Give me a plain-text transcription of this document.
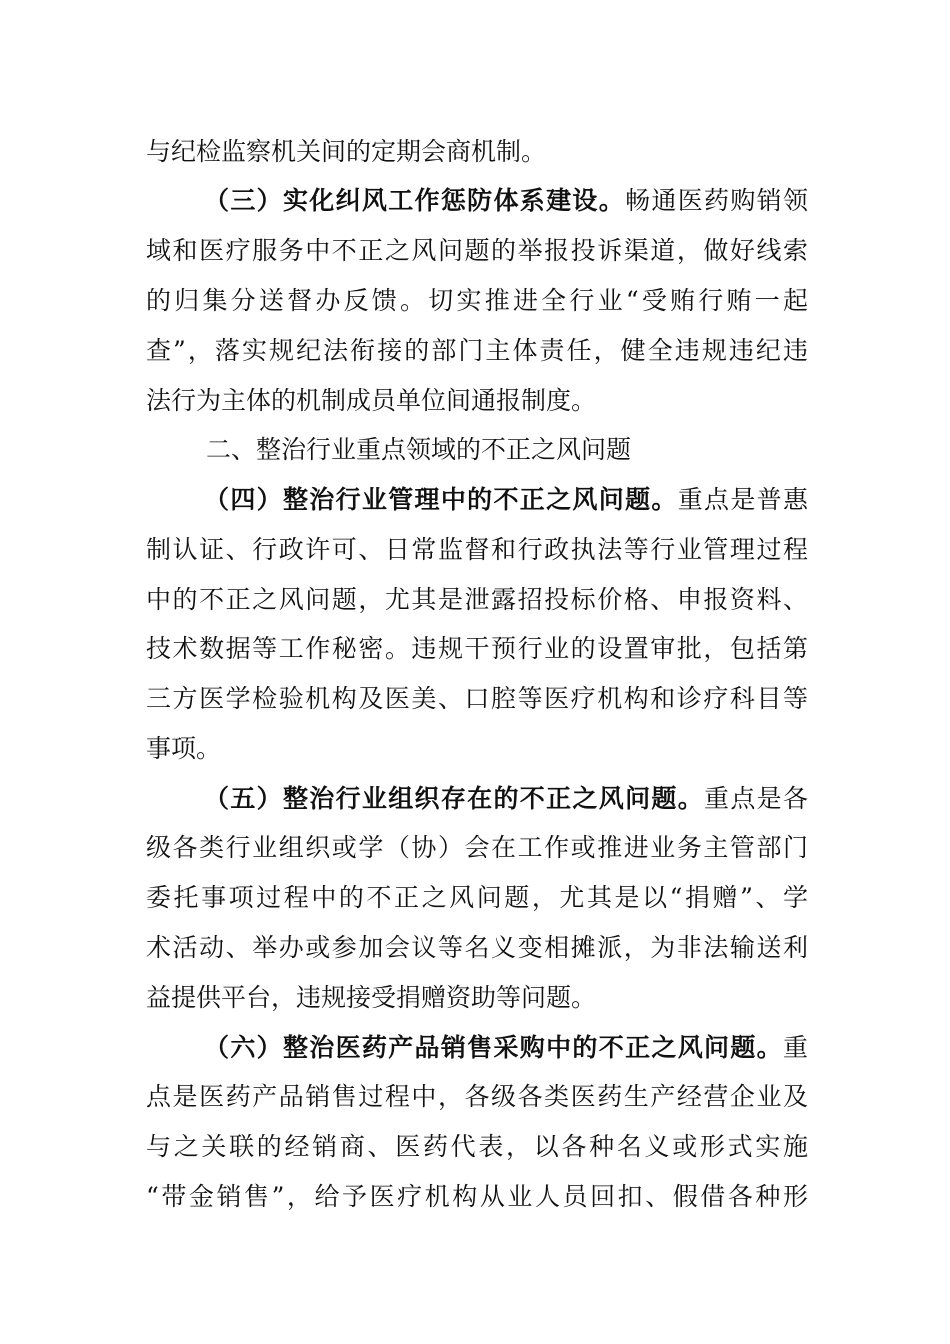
与纪检监察机关间的定期会商机制。
（三）实化纠风工作惩防体系建设。畅通医药购销领
域和医疗服务中不正之风问题的举报投诉渠道，做好线索
的归集分送督办反馈。切实推进全行业“受贿行贿一起
查”，落实规纪法衔接的部门主体责任，健全违规违纪违
法行为主体的机制成员单位间通报制度。
二、整治行业重点领域的不正之风问题
（四）整治行业管理中的不正之风问题。重点是普惠
制认证、行政许可、日常监督和行政执法等行业管理过程
中的不正之风问题，尤其是泄露招投标价格、申报资料、
技术数据等工作秘密。违规干预行业的设置审批，包括第
三方医学检验机构及医美、口腔等医疗机构和诊疗科目等
事项。
（五）整治行业组织存在的不正之风问题。重点是各
级各类行业组织或学（协）会在工作或推进业务主管部门
委托事项过程中的不正之风问题，尤其是以“捐赠”、学
术活动、举办或参加会议等名义变相摊派，为非法输送利
益提供平台，违规接受捐赠资助等问题。
（六）整治医药产品销售采购中的不正之风问题。重
点是医药产品销售过程中，各级各类医药生产经营企业及
与之关联的经销商、医药代表，以各种名义或形式实施
“带金销售”，给予医疗机构从业人员回扣、假借各种形
